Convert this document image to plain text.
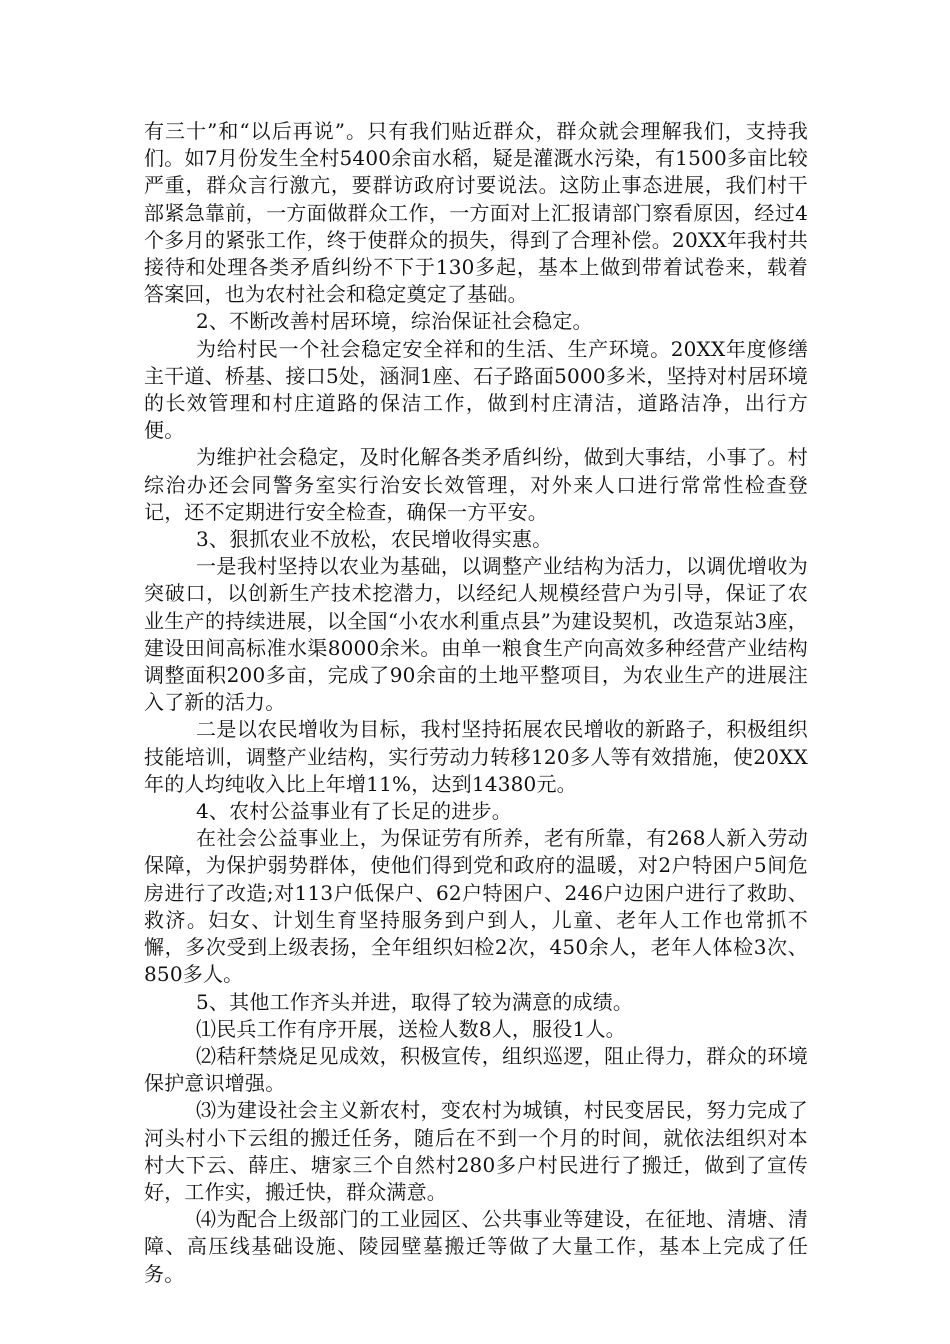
有三十”和“以后再说”。只有我们贴近群众，群众就会理解我们，支持我们。如7月份发生全村5400余亩水稻，疑是灌溉水污染，有1500多亩比较严重，群众言行激亢，要群访政府讨要说法。这防止事态进展，我们村干部紧急靠前，一方面做群众工作，一方面对上汇报请部门察看原因，经过4个多月的紧张工作，终于使群众的损失，得到了合理补偿。20XX年我村共接待和处理各类矛盾纠纷不下于130多起，基本上做到带着试卷来，载着答案回，也为农村社会和稳定奠定了基础。

2、不断改善村居环境，综治保证社会稳定。

为给村民一个社会稳定安全祥和的生活、生产环境。20XX年度修缮主干道、桥基、接口5处，涵洞1座、石子路面5000多米，坚持对村居环境的长效管理和村庄道路的保洁工作，做到村庄清洁，道路洁净，出行方便。

为维护社会稳定，及时化解各类矛盾纠纷，做到大事结，小事了。村综治办还会同警务室实行治安长效管理，对外来人口进行常常性检查登记，还不定期进行安全检查，确保一方平安。

3、狠抓农业不放松，农民增收得实惠。

一是我村坚持以农业为基础，以调整产业结构为活力，以调优增收为突破口，以创新生产技术挖潜力，以经纪人规模经营户为引导，保证了农业生产的持续进展，以全国“小农水利重点县”为建设契机，改造泵站3座，建设田间高标准水渠8000余米。由单一粮食生产向高效多种经营产业结构调整面积200多亩，完成了90余亩的土地平整项目，为农业生产的进展注入了新的活力。

二是以农民增收为目标，我村坚持拓展农民增收的新路子，积极组织技能培训，调整产业结构，实行劳动力转移120多人等有效措施，使20XX年的人均纯收入比上年增11%，达到14380元。

4、农村公益事业有了长足的进步。

在社会公益事业上，为保证劳有所养，老有所靠，有268人新入劳动保障，为保护弱势群体，使他们得到党和政府的温暖，对2户特困户5间危房进行了改造;对113户低保户、62户特困户、246户边困户进行了救助、救济。妇女、计划生育坚持服务到户到人，儿童、老年人工作也常抓不懈，多次受到上级表扬，全年组织妇检2次，450余人，老年人体检3次、850多人。

5、其他工作齐头并进，取得了较为满意的成绩。

⑴民兵工作有序开展，送检人数8人，服役1人。

⑵秸秆禁烧足见成效，积极宣传，组织巡逻，阻止得力，群众的环境保护意识增强。

⑶为建设社会主义新农村，变农村为城镇，村民变居民，努力完成了河头村小下云组的搬迁任务，随后在不到一个月的时间，就依法组织对本村大下云、薛庄、塘家三个自然村280多户村民进行了搬迁，做到了宣传好，工作实，搬迁快，群众满意。

⑷为配合上级部门的工业园区、公共事业等建设，在征地、清塘、清障、高压线基础设施、陵园壁墓搬迁等做了大量工作，基本上完成了任务。
